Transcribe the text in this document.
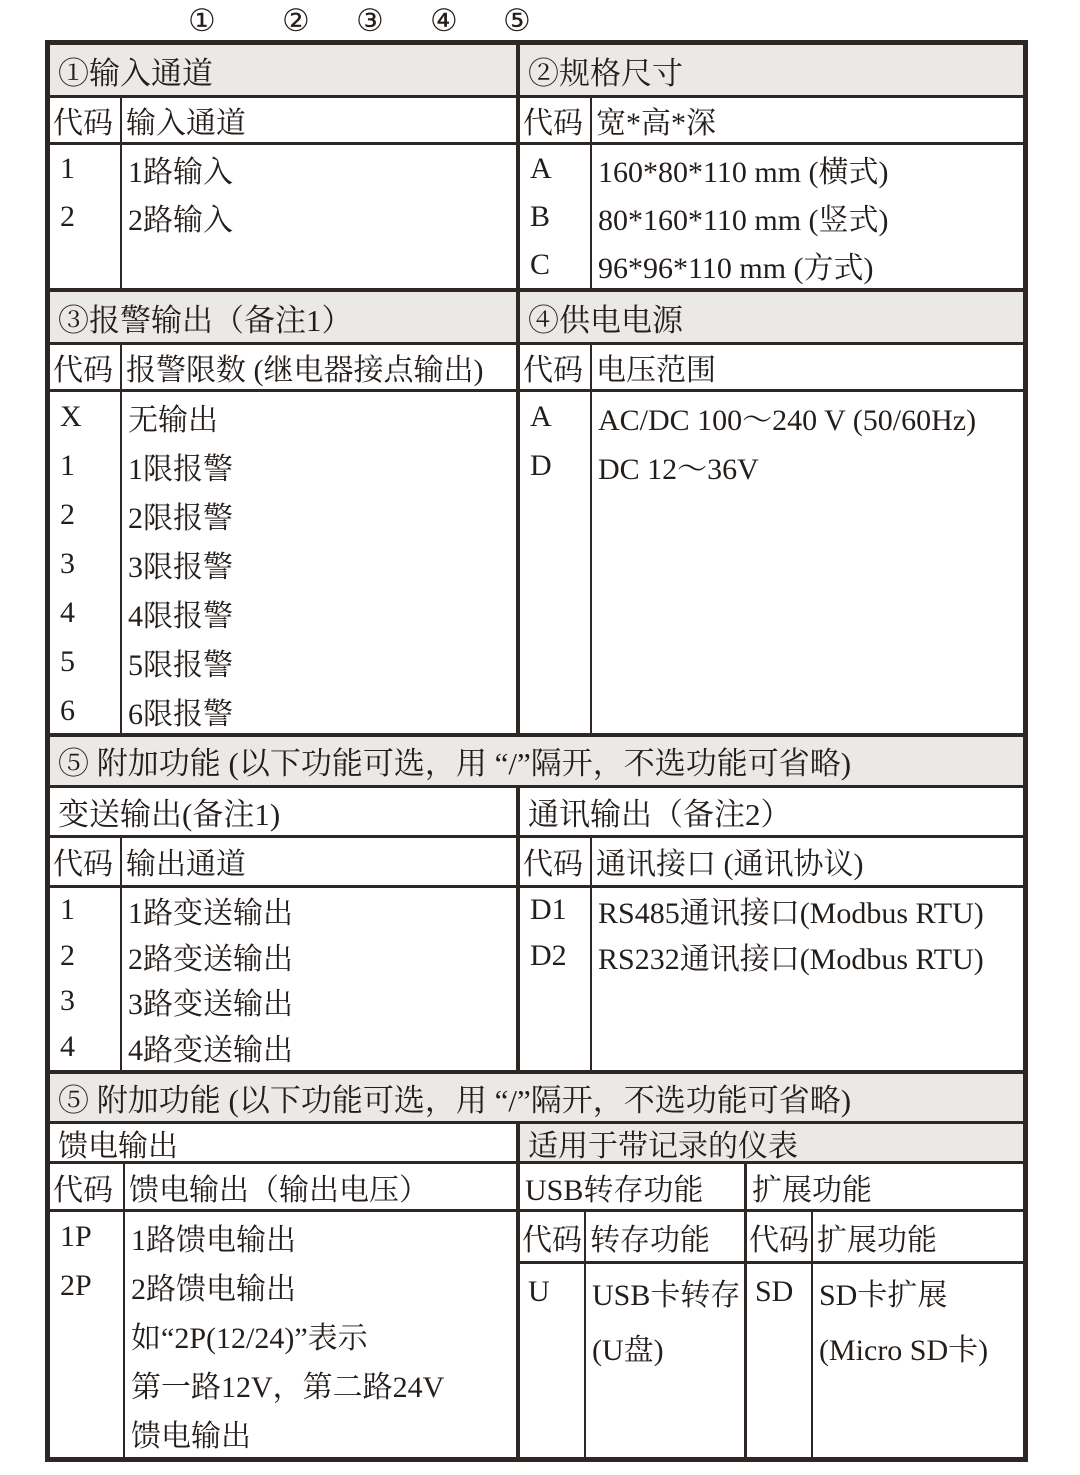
① ② ③ ④ ⑤
①输入通道
代码 输入通道
1
2
1路输入
2路输入
②规格尺寸
代码 宽*高*深
A
B
C
160*80*110 mm (横式)
80*160*110 mm (竖式)
96*96*110 mm (方式)
③报警输出（备注1）
代码 报警限数 (继电器接点输出)
X
1
2
3
4
5
6
无输出
1限报警
2限报警
3限报警
4限报警
5限报警
6限报警
④供电电源
代码 电压范围
A
D
AC/DC 100～240 V (50/60Hz)
DC 12～36V
⑤ 附加功能 (以下功能可选，用 “/”隔开，不选功能可省略)
变送输出(备注1)
代码 输出通道
1
2
3
4
1路变送输出
2路变送输出
3路变送输出
4路变送输出
通讯输出（备注2）
代码 通讯接口 (通讯协议)
D1
D2
RS485通讯接口(Modbus RTU)
RS232通讯接口(Modbus RTU)
⑤ 附加功能 (以下功能可选，用 “/”隔开，不选功能可省略)
馈电输出
代码 馈电输出（输出电压）
1P
2P
1路馈电输出
2路馈电输出
如“2P(12/24)”表示
第一路12V，第二路24V
馈电输出
适用于带记录的仪表
USB转存功能
代码 转存功能
U	USB卡转存
(U盘)
扩展功能
代码 扩展功能
SD SD卡扩展
(Micro SD卡)
